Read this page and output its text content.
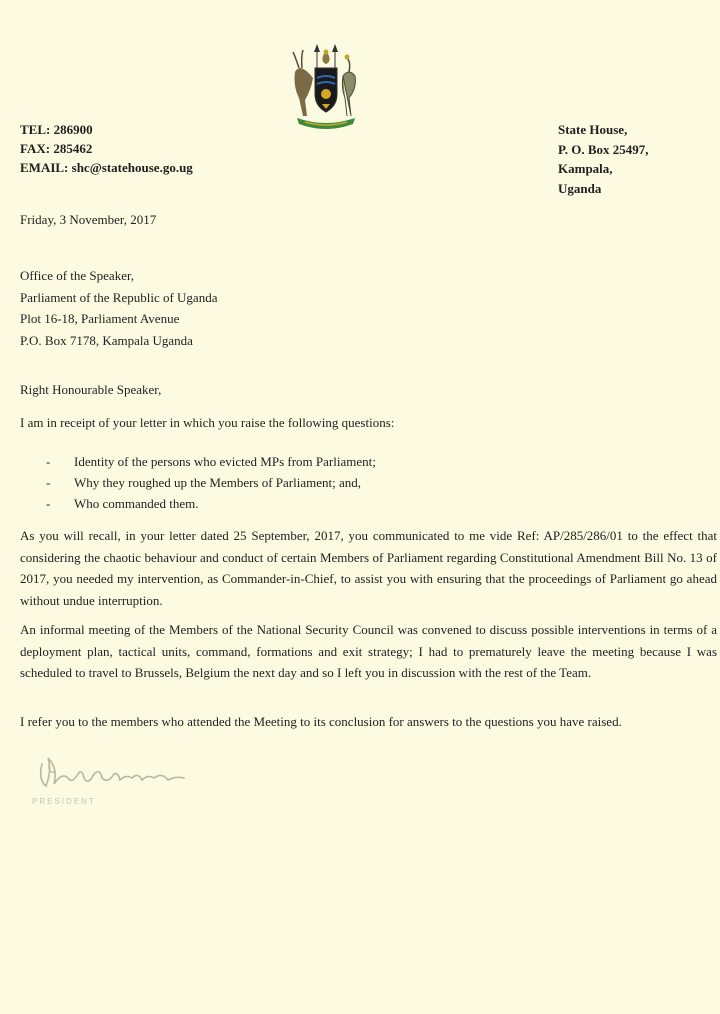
TEL: 286900
FAX: 285462
EMAIL: shc@statehouse.go.ug
State House,
P. O. Box 25497,
Kampala,
Uganda
Friday, 3 November, 2017
Office of the Speaker,
Parliament of the Republic of Uganda
Plot 16-18, Parliament Avenue
P.O. Box 7178, Kampala Uganda
Right Honourable Speaker,
I am in receipt of your letter in which you raise the following questions:
-	Identity of the persons who evicted MPs from Parliament;
-	Why they roughed up the Members of Parliament; and,
-	Who commanded them.
As you will recall, in your letter dated 25 September, 2017, you communicated to me vide Ref: AP/285/286/01 to the effect that considering the chaotic behaviour and conduct of certain Members of Parliament regarding Constitutional Amendment Bill No. 13 of 2017, you needed my intervention, as Commander-in-Chief, to assist you with ensuring that the proceedings of Parliament go ahead without undue interruption.
An informal meeting of the Members of the National Security Council was convened to discuss possible interventions in terms of a deployment plan, tactical units, command, formations and exit strategy; I had to prematurely leave the meeting because I was scheduled to travel to Brussels, Belgium the next day and so I left you in discussion with the rest of the Team.
I refer you to the members who attended the Meeting to its conclusion for answers to the questions you have raised.
PRESIDENT
